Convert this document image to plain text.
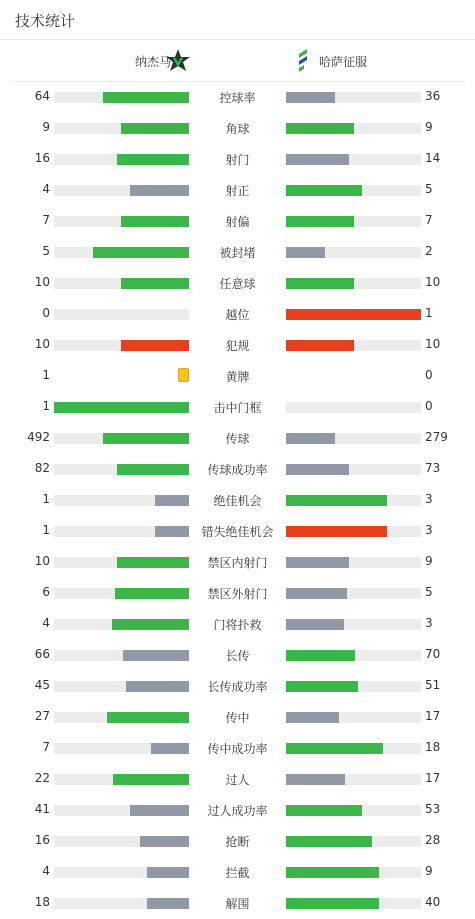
技术统计
纳杰马	哈萨征服
64	控球率	36
9	角球	9
16	射门	14
4	射正	5
7	射偏	7
5	被封堵	2
10	任意球	10
0	越位	1
10	犯规	10
1	黄牌	0
1	击中门框	0
492	传球	279
82	传球成功率	73
1	绝佳机会	3
1	错失绝佳机会	3
10	禁区内射门	9
6	禁区外射门	5
4	门将扑救	3
66	长传	70
45	长传成功率	51
27	传中	17
7	传中成功率	18
22	过人	17
41	过人成功率	53
16	抢断	28
4	拦截	9
18	解围	40
